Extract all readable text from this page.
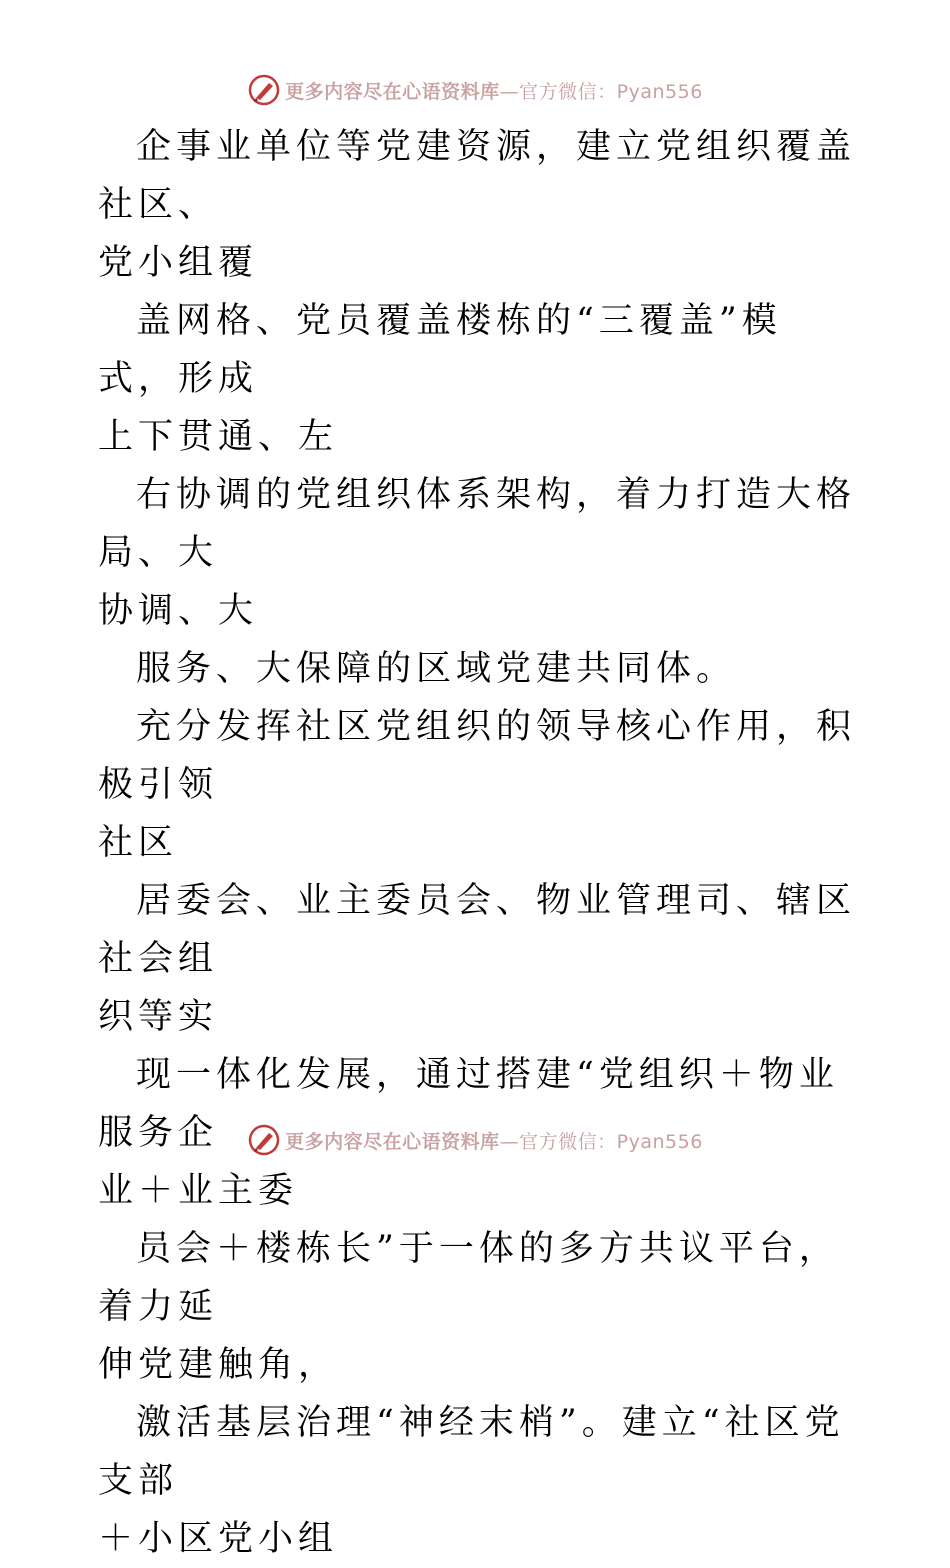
更多内容尽在心语资料库—官方微信：Pyan556

企事业单位等党建资源，建立党组织覆盖社区、
党小组覆

盖网格、党员覆盖楼栋的“三覆盖”模式，形成
上下贯通、左

右协调的党组织体系架构，着力打造大格局、大
协调、大

服务、大保障的区域党建共同体。

充分发挥社区党组织的领导核心作用，积极引领
社区

居委会、业主委员会、物业管理司、辖区社会组
织等实

现一体化发展，通过搭建“党组织＋物业服务企
业＋业主委

员会＋楼栋长”于一体的多方共议平台，着力延
伸党建触角，

激活基层治理“神经末梢”。建立“社区党支部
＋小区党小组

更多内容尽在心语资料库—官方微信：Pyan556
